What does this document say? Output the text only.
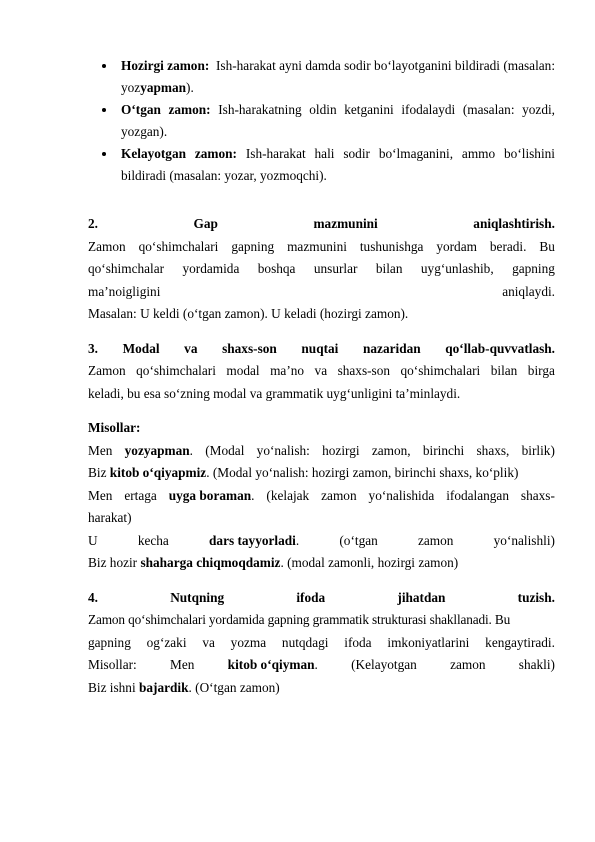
Hozirgi zamon: Ish-harakat ayni damda sodir bo‘layotganini bildiradi (masalan: yozyapman).
O‘tgan zamon: Ish-harakatning oldin ketganini ifodalaydi (masalan: yozdi, yozgan).
Kelayotgan zamon: Ish-harakat hali sodir bo‘lmaganini, ammo bo‘lishini bildiradi (masalan: yozar, yozmoqchi).
2.	Gap	mazmunini	aniqlashtirish.
Zamon qo‘shimchalari gapning mazmunini tushunishga yordam beradi. Bu
qo‘shimchalar yordamida boshqa unsurlar bilan uyg‘unlashib, gapning
ma’noigligini	aniqlaydi.
Masalan: U keldi (o‘tgan zamon). U keladi (hozirgi zamon).
3. Modal va shaxs-son nuqtai nazaridan qo‘llab-quvvatlash.
Zamon qo‘shimchalari modal ma’no va shaxs-son qo‘shimchalari bilan birga
keladi, bu esa so‘zning modal va grammatik uyg‘unligini ta’minlaydi.
Misollar:
Men yozyapman. (Modal yo‘nalish: hozirgi zamon, birinchi shaxs, birlik)
Biz kitob o‘qiyapmiz. (Modal yo‘nalish: hozirgi zamon, birinchi shaxs, ko‘plik)
Men ertaga uyga boraman. (kelajak zamon yo‘nalishida ifodalangan shaxs-
harakat)
U	kecha	dars tayyorladi.	(o‘tgan	zamon	yo‘nalishli)
Biz hozir shaharga chiqmoqdamiz. (modal zamonli, hozirgi zamon)
4.	Nutqning	ifoda	jihatdan	tuzish.
Zamon qo‘shimchalari yordamida gapning grammatik strukturasi shakllanadi. Bu
gapning og‘zaki va yozma nutqdagi ifoda imkoniyatlarini kengaytiradi.
Misollar:	Men	kitob o‘qiyman.	(Kelayotgan	zamon	shakli)
Biz ishni bajardik. (O‘tgan zamon)
